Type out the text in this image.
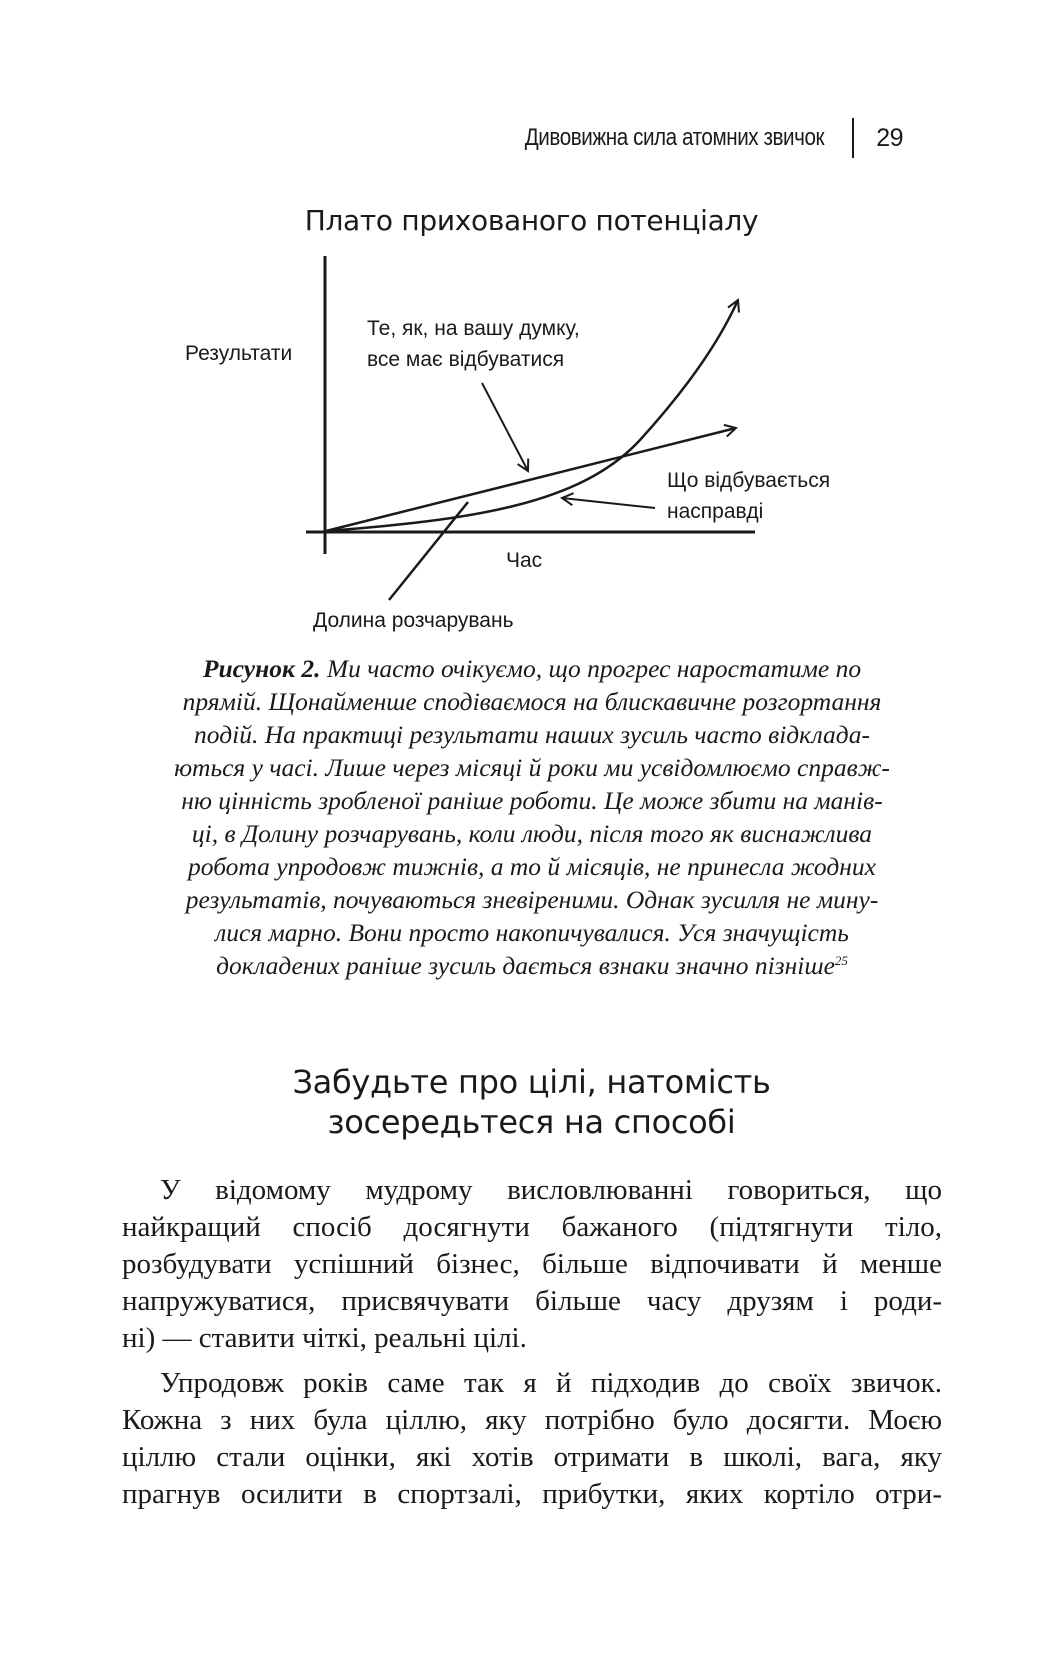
Дивовижна сила атомних звичок 29
Плато прихованого потенціалу
Результати
Час
Те, як, на вашу думку,
все має відбуватися
Що відбувається
насправді
Долина розчарувань
Рисунок 2. Ми часто очікуємо, що прогрес наростатиме по
прямій. Щонайменше сподіваємося на блискавичне розгортання
подій. На практиці результати наших зусиль часто відклада-
ються у часі. Лише через місяці й роки ми усвідомлюємо справж-
ню цінність зробленої раніше роботи. Це може збити на манів-
ці, в Долину розчарувань, коли люди, після того як виснажлива
робота упродовж тижнів, а то й місяців, не принесла жодних
результатів, почуваються зневіреними. Однак зусилля не мину-
лися марно. Вони просто накопичувалися. Уся значущість
докладених раніше зусиль дається взнаки значно пізніше$^{25}$
Забудьте про цілі, натомість
зосередьтеся на способі

У відомому мудрому висловлюванні говориться, що
найкращий спосіб досягнути бажаного (підтягнути тіло,
розбудувати успішний бізнес, більше відпочивати й менше
напружуватися, присвячувати більше часу друзям і роди-
ні) — ставити чіткі, реальні цілі.

Упродовж років саме так я й підходив до своїх звичок.
Кожна з них була ціллю, яку потрібно було досягти. Моєю
ціллю стали оцінки, які хотів отримати в школі, вага, яку
прагнув осилити в спортзалі, прибутки, яких кортіло отри-
